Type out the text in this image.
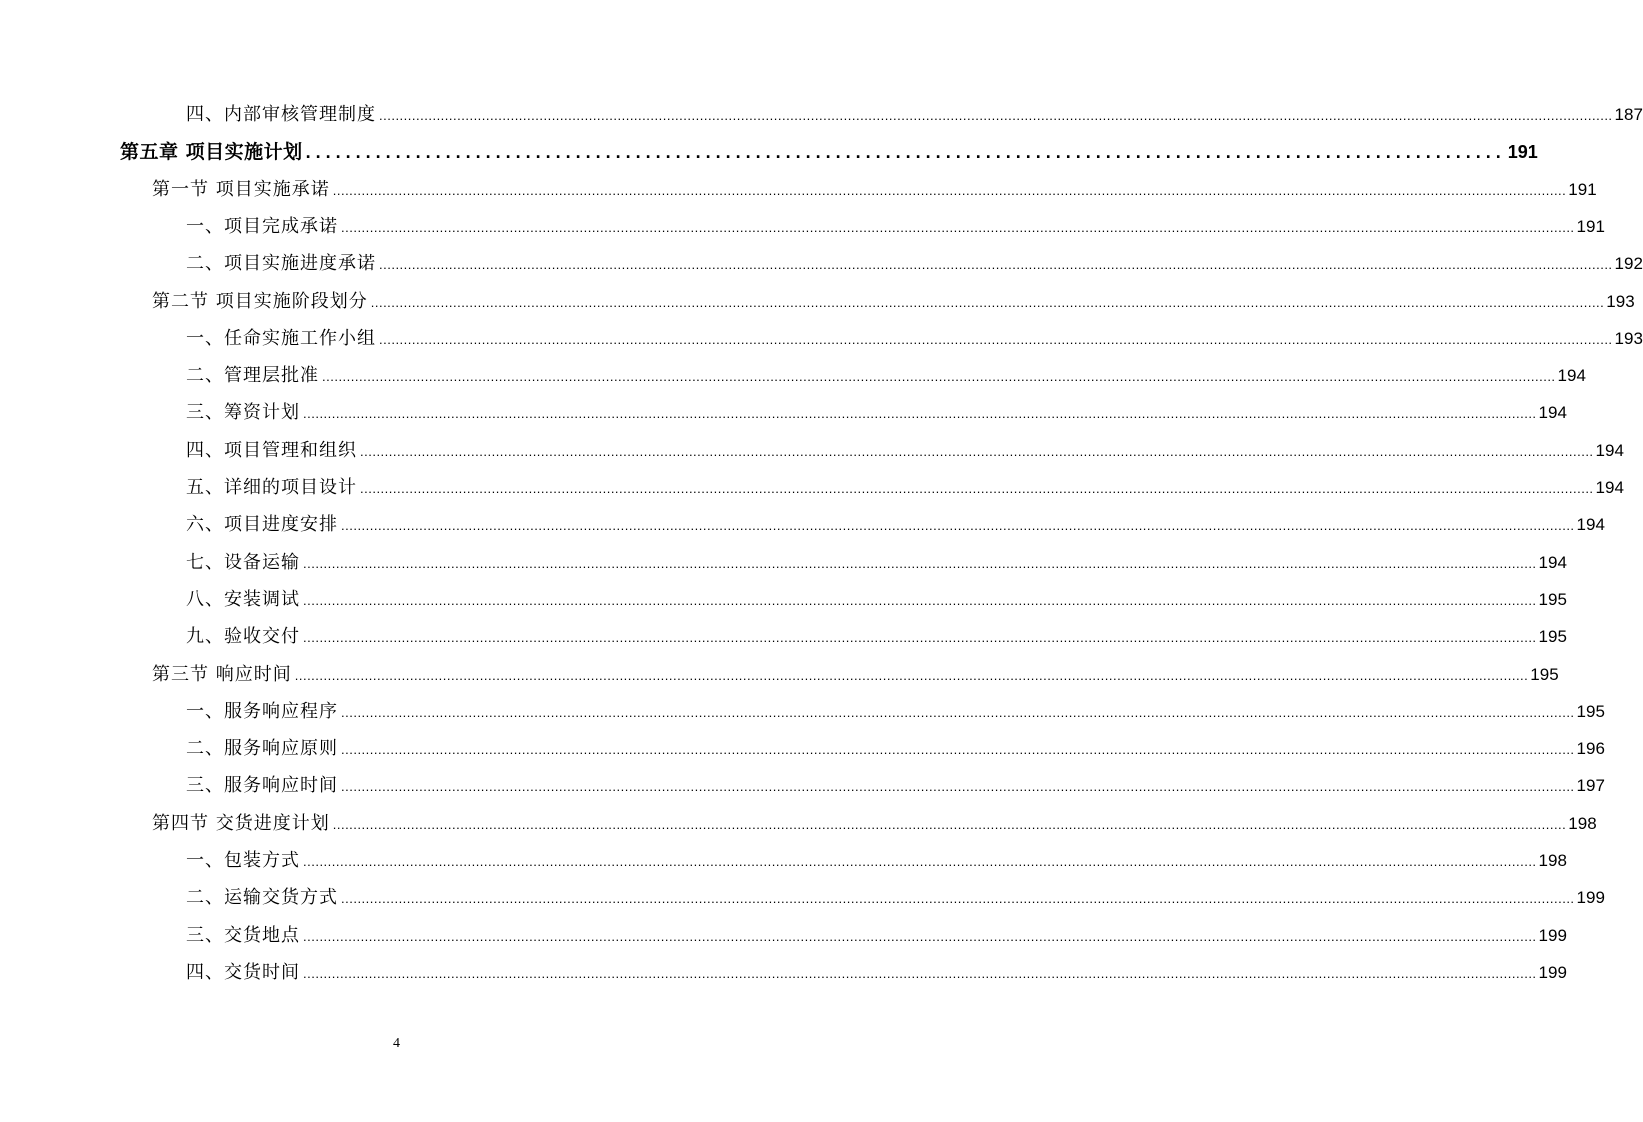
四、内部审核管理制度 ............................................................................................................................................................................................................................................................................................................ 187
第五章 项目实施计划 ........................................................................................................................ 191
第一节 项目实施承诺 ............................................................................................................................................................................................................................................................................................................ 191
一、项目完成承诺 ............................................................................................................................................................................................................................................................................................................ 191
二、项目实施进度承诺 ............................................................................................................................................................................................................................................................................................................ 192
第二节 项目实施阶段划分 ............................................................................................................................................................................................................................................................................................................ 193
一、任命实施工作小组 ............................................................................................................................................................................................................................................................................................................ 193
二、管理层批准 ............................................................................................................................................................................................................................................................................................................ 194
三、筹资计划 ............................................................................................................................................................................................................................................................................................................ 194
四、项目管理和组织 ............................................................................................................................................................................................................................................................................................................ 194
五、详细的项目设计 ............................................................................................................................................................................................................................................................................................................ 194
六、项目进度安排 ............................................................................................................................................................................................................................................................................................................ 194
七、设备运输 ............................................................................................................................................................................................................................................................................................................ 194
八、安装调试 ............................................................................................................................................................................................................................................................................................................ 195
九、验收交付 ............................................................................................................................................................................................................................................................................................................ 195
第三节 响应时间 ............................................................................................................................................................................................................................................................................................................ 195
一、服务响应程序 ............................................................................................................................................................................................................................................................................................................ 195
二、服务响应原则 ............................................................................................................................................................................................................................................................................................................ 196
三、服务响应时间 ............................................................................................................................................................................................................................................................................................................ 197
第四节 交货进度计划 ............................................................................................................................................................................................................................................................................................................ 198
一、包装方式 ............................................................................................................................................................................................................................................................................................................ 198
二、运输交货方式 ............................................................................................................................................................................................................................................................................................................ 199
三、交货地点 ............................................................................................................................................................................................................................................................................................................ 199
四、交货时间 ............................................................................................................................................................................................................................................................................................................ 199
4
